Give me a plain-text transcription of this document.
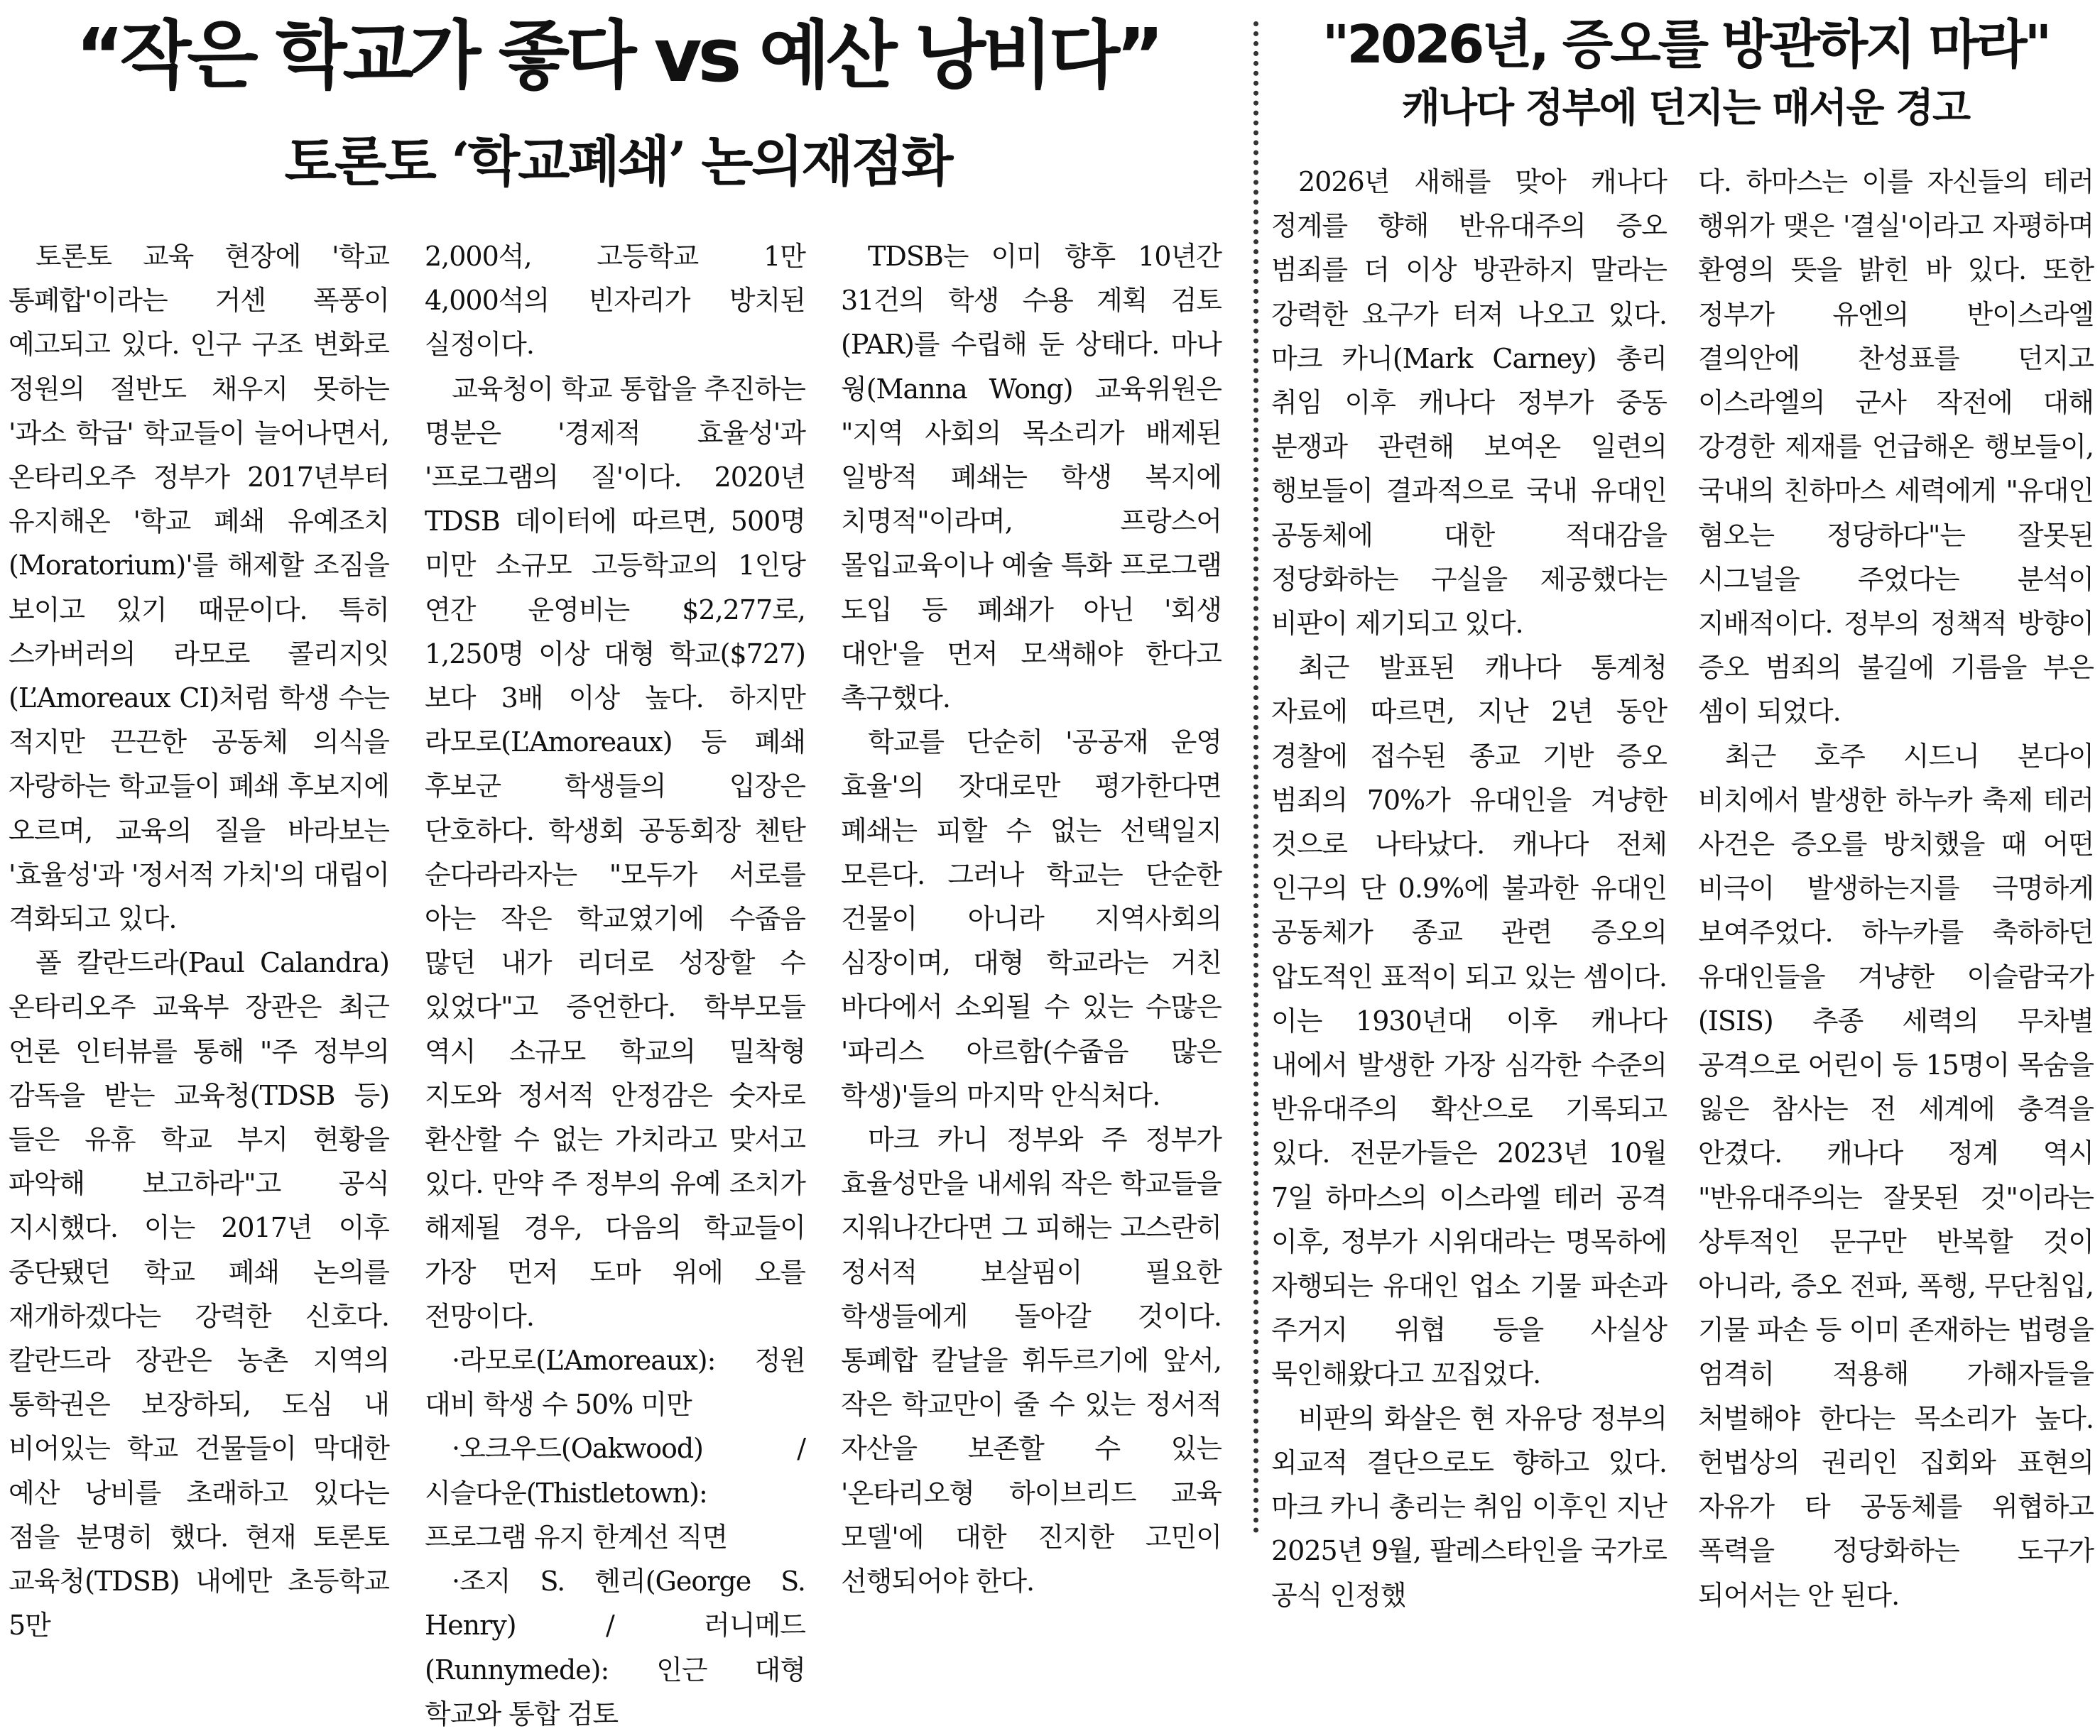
“작은 학교가 좋다 vs 예산 낭비다”
토론토 ‘학교폐쇄’ 논의재점화

토론토 교육 현장에 '학교 통폐합'이라는 거센 폭풍이 예고되고 있다. 인구 구조 변화로 정원의 절반도 채우지 못하는 '과소 학급' 학교들이 늘어나면서, 온타리오주 정부가 2017년부터 유지해온 '학교 폐쇄 유예조치(Moratorium)'를 해제할 조짐을 보이고 있기 때문이다. 특히 스카버러의 라모로 콜리지잇(L’Amoreaux CI)처럼 학생 수는 적지만 끈끈한 공동체 의식을 자랑하는 학교들이 폐쇄 후보지에 오르며, 교육의 질을 바라보는 '효율성'과 '정서적 가치'의 대립이 격화되고 있다.

폴 칼란드라(Paul Calandra) 온타리오주 교육부 장관은 최근 언론 인터뷰를 통해 "주 정부의 감독을 받는 교육청(TDSB 등)들은 유휴 학교 부지 현황을 파악해 보고하라"고 공식 지시했다. 이는 2017년 이후 중단됐던 학교 폐쇄 논의를 재개하겠다는 강력한 신호다. 칼란드라 장관은 농촌 지역의 통학권은 보장하되, 도심 내 비어있는 학교 건물들이 막대한 예산 낭비를 초래하고 있다는 점을 분명히 했다. 현재 토론토 교육청(TDSB) 내에만 초등학교 5만

2,000석, 고등학교 1만 4,000석의 빈자리가 방치된 실정이다.

교육청이 학교 통합을 추진하는 명분은 '경제적 효율성'과 '프로그램의 질'이다. 2020년 TDSB 데이터에 따르면, 500명 미만 소규모 고등학교의 1인당 연간 운영비는 $2,277로, 1,250명 이상 대형 학교($727)보다 3배 이상 높다. 하지만 라모로(L’Amoreaux) 등 폐쇄 후보군 학생들의 입장은 단호하다. 학생회 공동회장 첸탄 순다라라자는 "모두가 서로를 아는 작은 학교였기에 수줍음 많던 내가 리더로 성장할 수 있었다"고 증언한다. 학부모들 역시 소규모 학교의 밀착형 지도와 정서적 안정감은 숫자로 환산할 수 없는 가치라고 맞서고 있다. 만약 주 정부의 유예 조치가 해제될 경우, 다음의 학교들이 가장 먼저 도마 위에 오를 전망이다.

·라모로(L’Amoreaux): 정원 대비 학생 수 50% 미만

·오크우드(Oakwood) / 시슬다운(Thistletown): 프로그램 유지 한계선 직면

·조지 S. 헨리(George S. Henry) / 러니메드(Runnymede): 인근 대형 학교와 통합 검토

TDSB는 이미 향후 10년간 31건의 학생 수용 계획 검토(PAR)를 수립해 둔 상태다. 마나 웡(Manna Wong) 교육위원은 "지역 사회의 목소리가 배제된 일방적 폐쇄는 학생 복지에 치명적"이라며, 프랑스어 몰입교육이나 예술 특화 프로그램 도입 등 폐쇄가 아닌 '회생 대안'을 먼저 모색해야 한다고 촉구했다.

학교를 단순히 '공공재 운영 효율'의 잣대로만 평가한다면 폐쇄는 피할 수 없는 선택일지 모른다. 그러나 학교는 단순한 건물이 아니라 지역사회의 심장이며, 대형 학교라는 거친 바다에서 소외될 수 있는 수많은 '파리스 아르함(수줍음 많은 학생)'들의 마지막 안식처다.

마크 카니 정부와 주 정부가 효율성만을 내세워 작은 학교들을 지워나간다면 그 피해는 고스란히 정서적 보살핌이 필요한 학생들에게 돌아갈 것이다. 통폐합 칼날을 휘두르기에 앞서, 작은 학교만이 줄 수 있는 정서적 자산을 보존할 수 있는 '온타리오형 하이브리드 교육 모델'에 대한 진지한 고민이 선행되어야 한다.

"2026년, 증오를 방관하지 마라"
캐나다 정부에 던지는 매서운 경고

2026년 새해를 맞아 캐나다 정계를 향해 반유대주의 증오 범죄를 더 이상 방관하지 말라는 강력한 요구가 터져 나오고 있다. 마크 카니(Mark Carney) 총리 취임 이후 캐나다 정부가 중동 분쟁과 관련해 보여온 일련의 행보들이 결과적으로 국내 유대인 공동체에 대한 적대감을 정당화하는 구실을 제공했다는 비판이 제기되고 있다.

최근 발표된 캐나다 통계청 자료에 따르면, 지난 2년 동안 경찰에 접수된 종교 기반 증오 범죄의 70%가 유대인을 겨냥한 것으로 나타났다. 캐나다 전체 인구의 단 0.9%에 불과한 유대인 공동체가 종교 관련 증오의 압도적인 표적이 되고 있는 셈이다. 이는 1930년대 이후 캐나다 내에서 발생한 가장 심각한 수준의 반유대주의 확산으로 기록되고 있다. 전문가들은 2023년 10월 7일 하마스의 이스라엘 테러 공격 이후, 정부가 시위대라는 명목하에 자행되는 유대인 업소 기물 파손과 주거지 위협 등을 사실상 묵인해왔다고 꼬집었다.

비판의 화살은 현 자유당 정부의 외교적 결단으로도 향하고 있다. 마크 카니 총리는 취임 이후인 지난 2025년 9월, 팔레스타인을 국가로 공식 인정했

다. 하마스는 이를 자신들의 테러 행위가 맺은 '결실'이라고 자평하며 환영의 뜻을 밝힌 바 있다. 또한 정부가 유엔의 반이스라엘 결의안에 찬성표를 던지고 이스라엘의 군사 작전에 대해 강경한 제재를 언급해온 행보들이, 국내의 친하마스 세력에게 "유대인 혐오는 정당하다"는 잘못된 시그널을 주었다는 분석이 지배적이다. 정부의 정책적 방향이 증오 범죄의 불길에 기름을 부은 셈이 되었다.

최근 호주 시드니 본다이 비치에서 발생한 하누카 축제 테러 사건은 증오를 방치했을 때 어떤 비극이 발생하는지를 극명하게 보여주었다. 하누카를 축하하던 유대인들을 겨냥한 이슬람국가(ISIS) 추종 세력의 무차별 공격으로 어린이 등 15명이 목숨을 잃은 참사는 전 세계에 충격을 안겼다. 캐나다 정계 역시 "반유대주의는 잘못된 것"이라는 상투적인 문구만 반복할 것이 아니라, 증오 전파, 폭행, 무단침입, 기물 파손 등 이미 존재하는 법령을 엄격히 적용해 가해자들을 처벌해야 한다는 목소리가 높다. 헌법상의 권리인 집회와 표현의 자유가 타 공동체를 위협하고 폭력을 정당화하는 도구가 되어서는 안 된다.
